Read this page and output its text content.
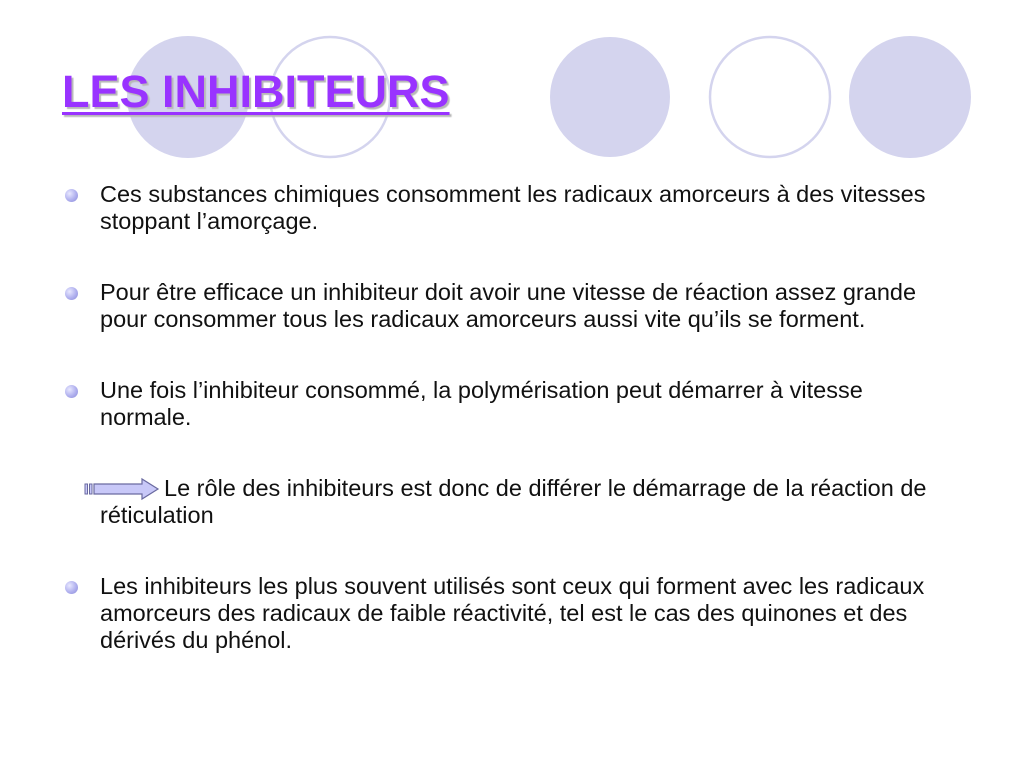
LES INHIBITEURS
Ces substances chimiques consomment les radicaux amorceurs à des vitesses stoppant l’amorçage.
Pour être efficace un inhibiteur doit avoir une vitesse de réaction assez grande pour consommer tous les radicaux amorceurs aussi vite qu’ils se forment.
Une fois l’inhibiteur consommé, la polymérisation peut démarrer à vitesse normale.
Le rôle des inhibiteurs est donc de différer le démarrage de la réaction de réticulation
Les inhibiteurs les plus souvent utilisés sont ceux qui forment avec les radicaux amorceurs des radicaux de faible réactivité, tel est le cas des quinones et des dérivés du phénol.
